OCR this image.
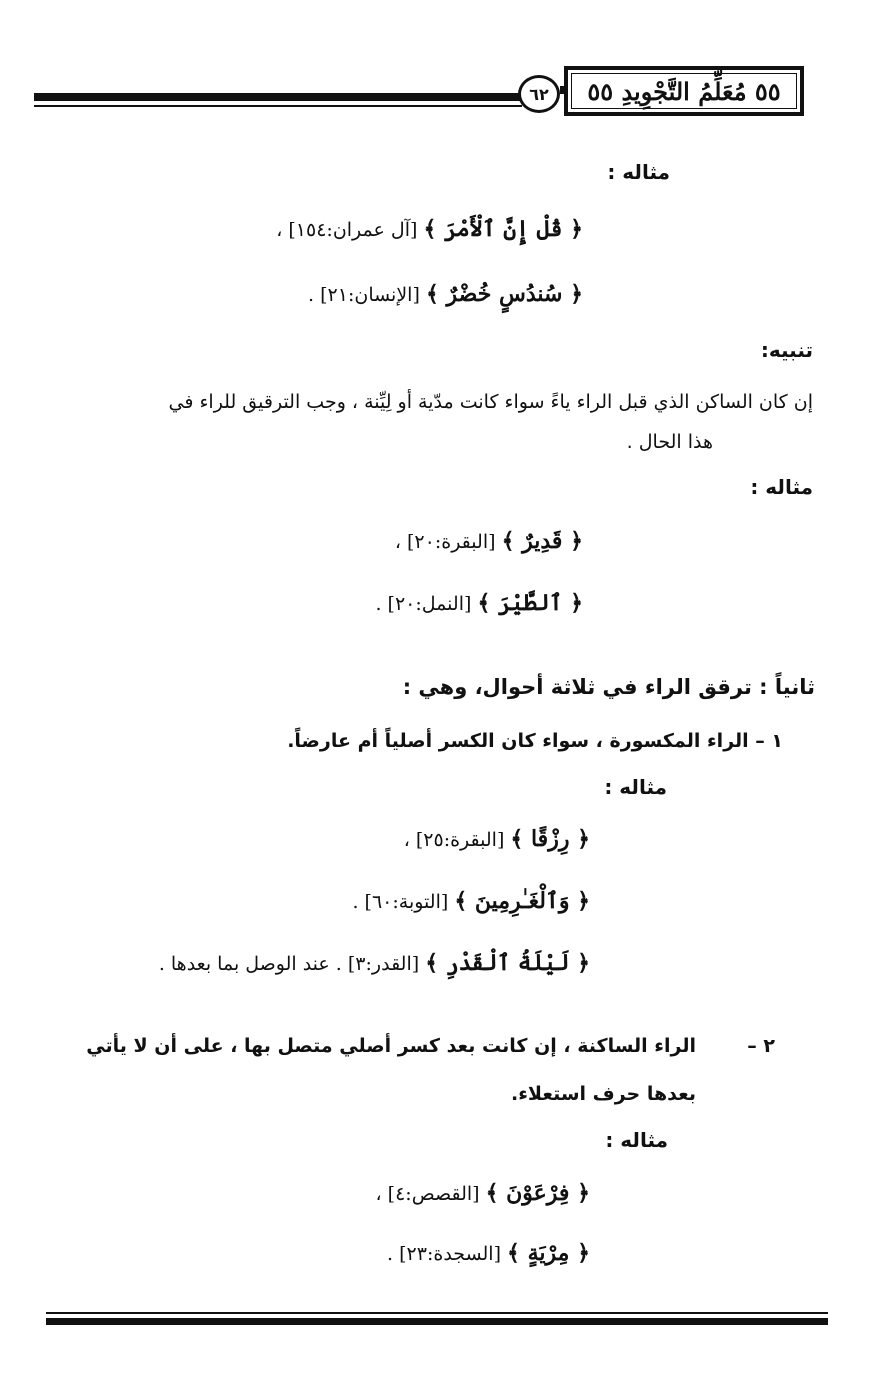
٦٢	٥٥ مُعَلِّمُ التَّجْوِيدِ ٥٥
مثاله :
﴿ قُلْ إِنَّ ٱلْأَمْرَ ﴾ [آل عمران:١٥٤] ،
﴿ سُندُسٍ خُضْرٌ ﴾ [الإنسان:٢١] .
تنبيه:
إن كان الساكن الذي قبل الراء ياءً سواء كانت مدّية أو لِيِّنة ، وجب الترقيق للراء في
هذا الحال .
مثاله :
﴿ قَدِيرٌ ﴾ [البقرة:٢٠] ،
﴿ ٱلطَّيْرَ ﴾ [النمل:٢٠] .
ثانياً : ترقق الراء في ثلاثة أحوال، وهي :
١ – الراء المكسورة ، سواء كان الكسر أصلياً أم عارضاً.
مثاله :
﴿ رِزْقًا ﴾ [البقرة:٢٥] ،
﴿ وَٱلْغَـٰرِمِينَ ﴾ [التوبة:٦٠] .
﴿ لَيْلَةُ ٱلْقَدْرِ ﴾ [القدر:٣] . عند الوصل بما بعدها .
٢ –
الراء الساكنة ، إن كانت بعد كسر أصلي متصل بها ، على أن لا يأتي
بعدها حرف استعلاء.
مثاله :
﴿ فِرْعَوْنَ ﴾ [القصص:٤] ،
﴿ مِرْيَةٍ ﴾ [السجدة:٢٣] .
